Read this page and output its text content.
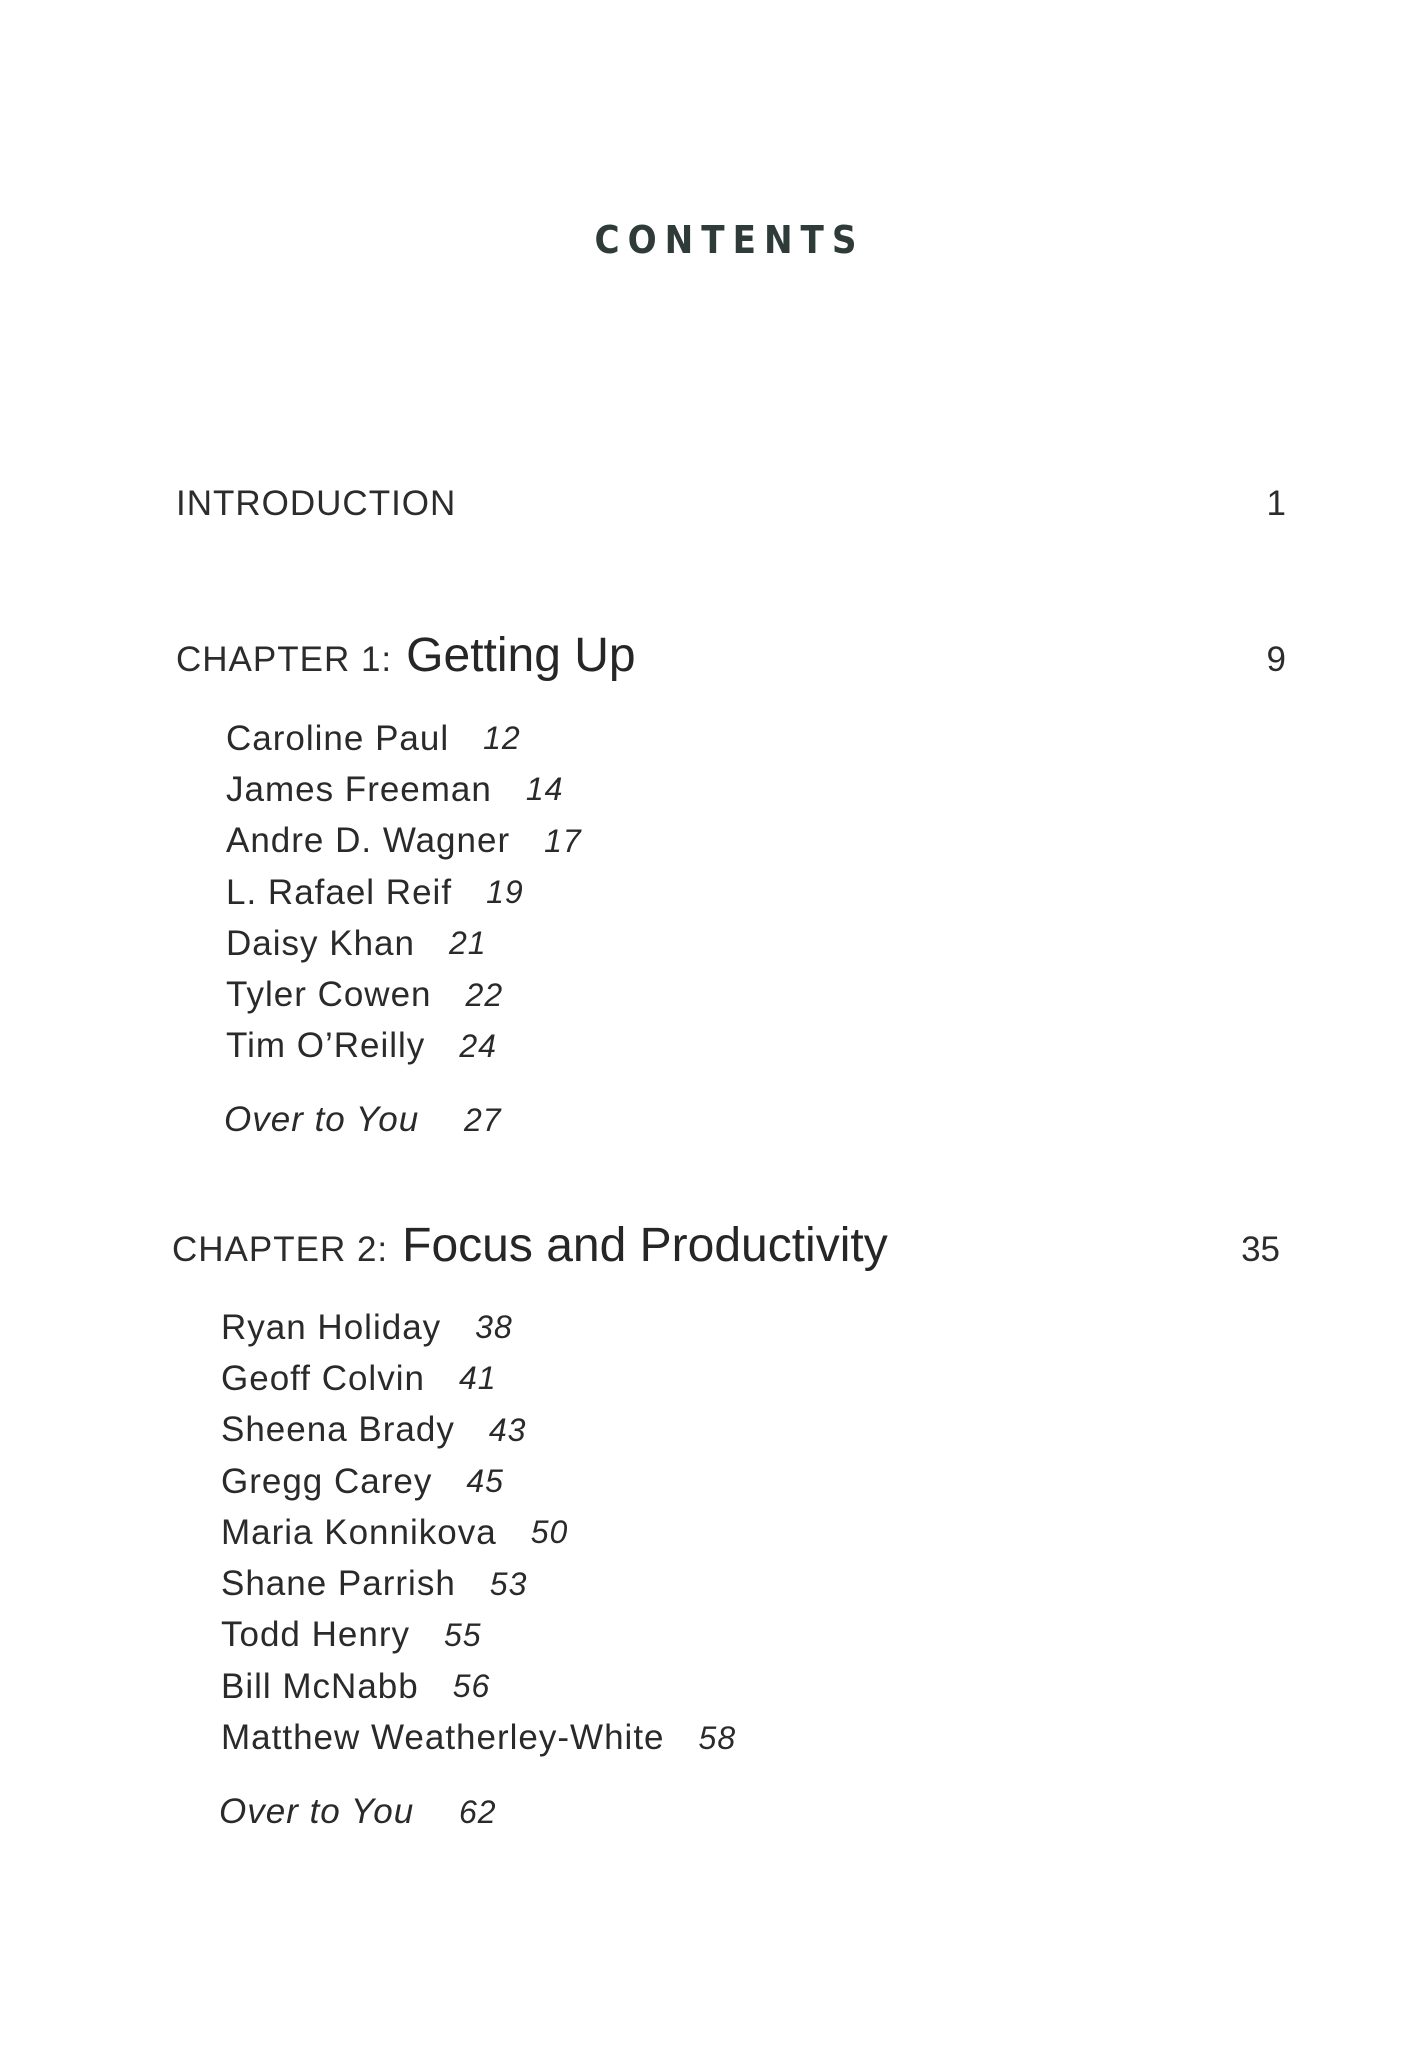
CONTENTS
INTRODUCTION	1
CHAPTER 1: Getting Up	9
Caroline Paul 12
James Freeman 14
Andre D. Wagner 17
L. Rafael Reif 19
Daisy Khan 21
Tyler Cowen 22
Tim O’Reilly 24
Over to You 27
CHAPTER 2: Focus and Productivity	35
Ryan Holiday 38
Geoff Colvin 41
Sheena Brady 43
Gregg Carey 45
Maria Konnikova 50
Shane Parrish 53
Todd Henry 55
Bill McNabb 56
Matthew Weatherley-White 58
Over to You 62
